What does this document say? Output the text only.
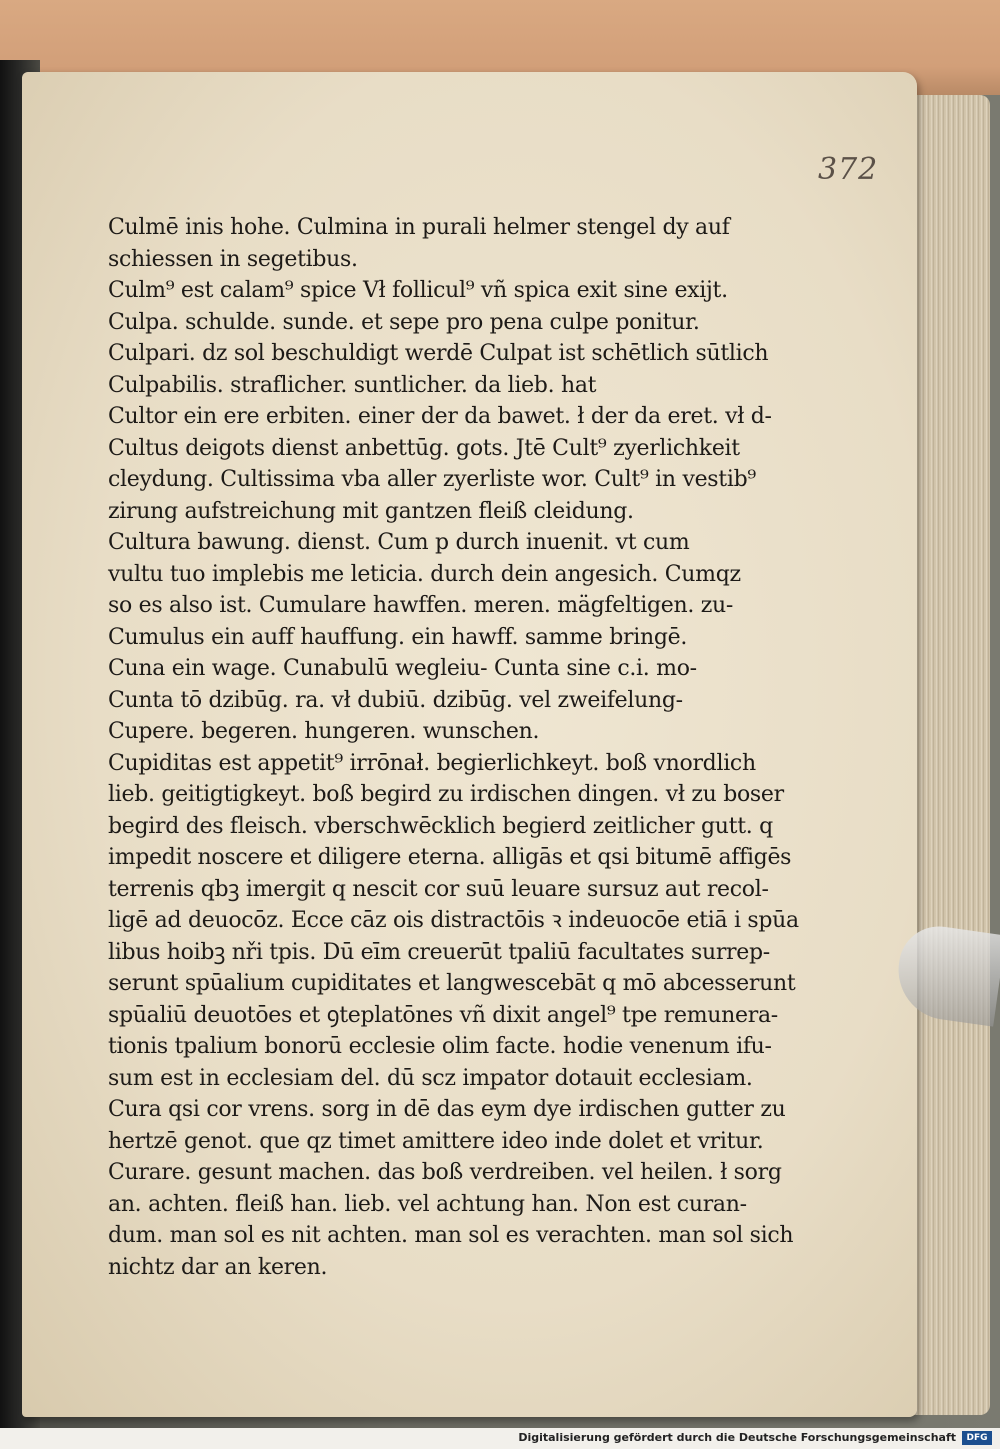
372
Culmē inis hohe. Culmina in purali helmer stengel dy auf
schiessen in segetibus.
Culm⁹ est calam⁹ spice Vł follicul⁹ vñ spica exit sine exijt.
Culpa. schulde. sunde. et sepe pro pena culpe ponitur.
Culpari. dz sol beschuldigt werdē Culpat ist schētlich sūtlich
Culpabilis. straflicher. suntlicher. da lieb. hat
Cultor ein ere erbiten. einer der da bawet. ł der da eret. vł d-
Cultus deigots dienst anbettūg. gots. Jtē Cult⁹ zyerlichkeit
cleydung. Cultissima vba aller zyerliste wor. Cult⁹ in vestib⁹
zirung aufstreichung mit gantzen fleiß cleidung.
Cultura bawung. dienst. Cum p durch inuenit. vt cum
vultu tuo implebis me leticia. durch dein angesich. Cumqz
so es also ist. Cumulare hawffen. meren. mägfeltigen. zu-
Cumulus ein auff hauffung. ein hawff. samme bringē.
Cuna ein wage. Cunabulū wegleiu- Cunta sine c.i. mo-
Cunta tō dzibūg. ra. vł dubiū. dzibūg. vel zweifelung-
Cupere. begeren. hungeren. wunschen.
Cupiditas est appetit⁹ irrōnał. begierlichkeyt. boß vnordlich
lieb. geitigtigkeyt. boß begird zu irdischen dingen. vł zu boser
begird des fleisch. vberschwēcklich begierd zeitlicher gutt. q
impedit noscere et diligere eterna. alligās et qsi bitumē affigēs
terrenis qbꝫ imergit q nescit cor suū leuare sursuz aut recol-
ligē ad deuocōz. Ecce cāz ois distractōis ꝛ indeuocōe etiā i spūa
libus hoibꝫ nři tpis. Dū eīm creuerūt tpaliū facultates surrep-
serunt spūalium cupiditates et langwescebāt q mō abcesserunt
spūaliū deuotōes et ꝯteplatōnes vñ dixit angel⁹ tpe remunera-
tionis tpalium bonorū ecclesie olim facte. hodie venenum ifu-
sum est in ecclesiam del. dū scz impator dotauit ecclesiam.
Cura qsi cor vrens. sorg in dē das eym dye irdischen gutter zu
hertzē genot. que qz timet amittere ideo inde dolet et vritur.
Curare. gesunt machen. das boß verdreiben. vel heilen. ł sorg
an. achten. fleiß han. lieb. vel achtung han. Non est curan-
dum. man sol es nit achten. man sol es verachten. man sol sich
nichtz dar an keren.
Digitalisierung gefördert durch die Deutsche Forschungsgemeinschaft	DFG
